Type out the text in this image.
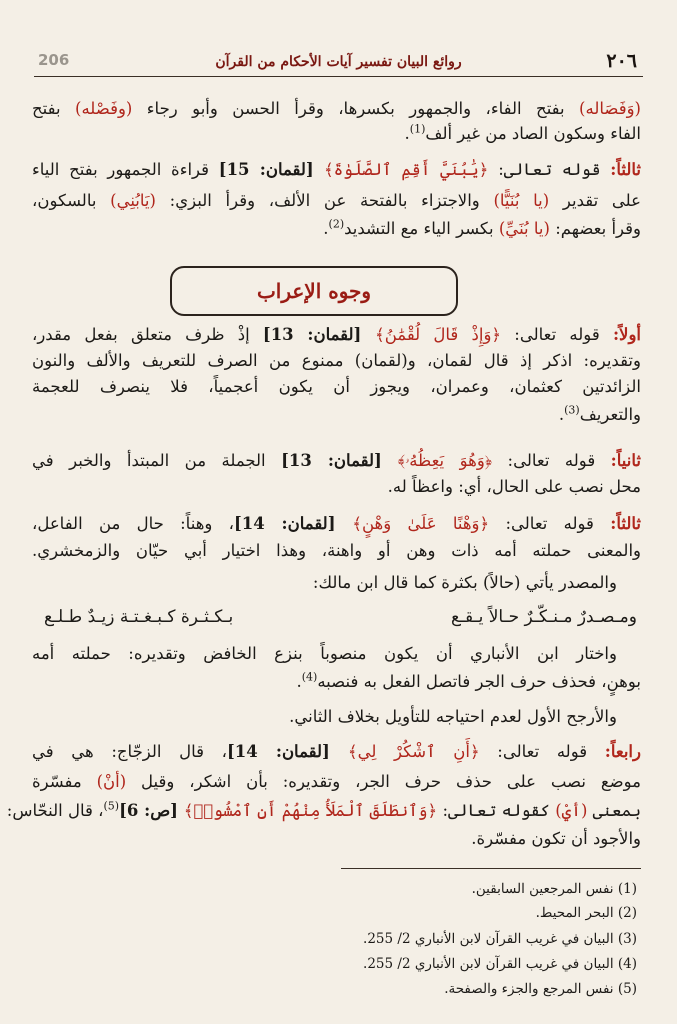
٢٠٦
روائع البيان تفسير آيات الأحكام من القرآن
206
(وَفَصَاله) بفتح الفاء، والجمهور بكسرها، وقرأ الحسن وأبو رجاء (وفَصْله) بفتح
الفاء وسكون الصاد من غير ألف$^{(1)}$.
ثالثاً: قوله تعالى: ﴿يَٰبُنَيَّ أَقِمِ ٱلصَّلَوٰةَ﴾ [لقمان: 15] قراءة الجمهور بفتح الياء
على تقدير (يا بُنَيًّا) والاجتزاء بالفتحة عن الألف، وقرأ البزي: (يَابُنِي) بالسكون،
وقرأ بعضهم: (يا بُنَيِّ) بكسر الياء مع التشديد$^{(2)}$.
وجوه الإعراب
أولاً: قوله تعالى: ﴿وَإِذْ قَالَ لُقْمَٰنُ﴾ [لقمان: 13] إذْ ظرف متعلق بفعل مقدر،
وتقديره: اذكر إذ قال لقمان، و(لقمان) ممنوع من الصرف للتعريف والألف والنون
الزائدتين كعثمان، وعمران، ويجوز أن يكون أعجمياً، فلا ينصرف للعجمة
والتعريف$^{(3)}$.
ثانياً: قوله تعالى: ﴿وَهُوَ يَعِظُهُۥ﴾ [لقمان: 13] الجملة من المبتدأ والخبر في
محل نصب على الحال، أي: واعظاً له.
ثالثاً: قوله تعالى: ﴿وَهْنًا عَلَىٰ وَهْنٍ﴾ [لقمان: 14]، وهناً: حال من الفاعل،
والمعنى حملته أمه ذات وهن أو واهنة، وهذا اختيار أبي حيّان والزمخشري.
والمصدر يأتي (حالاً) بكثرة كما قال ابن مالك:
ومـصـدرٌ مـنـكّـرٌ حـالاً يـقـع
بـكـثـرة كـبـغـتـة زيـدٌ طـلـع
واختار ابن الأنباري أن يكون منصوباً بنزع الخافض وتقديره: حملته أمه
بوهنٍ، فحذف حرف الجر فاتصل الفعل به فنصبه$^{(4)}$.
والأرجح الأول لعدم احتياجه للتأويل بخلاف الثاني.
رابعاً: قوله تعالى: ﴿أَنِ ٱشْكُرْ لِي﴾ [لقمان: 14]، قال الزجّاج: هي في
موضع نصب على حذف حرف الجر، وتقديره: بأن اشكر، وقيل (أنْ) مفسّرة
بمعنى (أيْ) كقوله تعالى: ﴿وَٱنطَلَقَ ٱلْمَلَأُ مِنْهُمْ أَنِ ٱمْشُوا۟﴾ [ص: 6]$^{(5)}$، قال النحّاس:
والأجود أن تكون مفسّرة.
(1) نفس المرجعين السابقين.
(2) البحر المحيط.
(3) البيان في غريب القرآن لابن الأنباري 2/ 255.
(4) البيان في غريب القرآن لابن الأنباري 2/ 255.
(5) نفس المرجع والجزء والصفحة.
